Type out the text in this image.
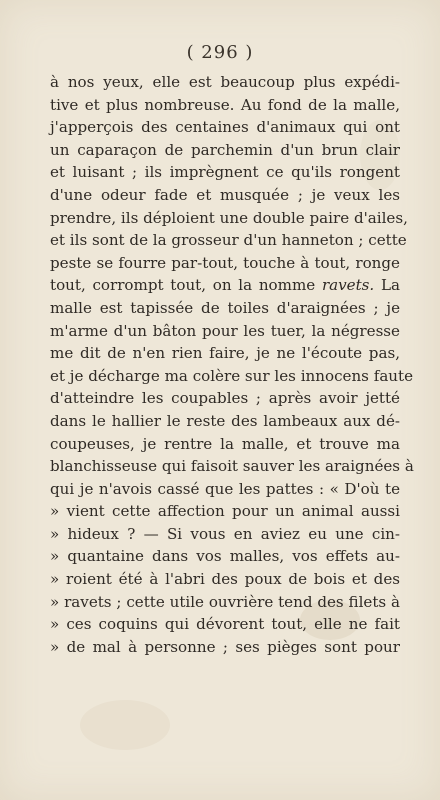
( 296 )
à nos yeux, elle est beaucoup plus expédi-
tive et plus nombreuse. Au fond de la malle,
j'apperçois des centaines d'animaux qui ont
un caparaçon de parchemin d'un brun clair
et luisant ; ils imprègnent ce qu'ils rongent
d'une odeur fade et musquée ; je veux les
prendre, ils déploient une double paire d'ailes,
et ils sont de la grosseur d'un hanneton ; cette
peste se fourre par-tout, touche à tout, ronge
tout, corrompt tout, on la nomme ravets. La
malle est tapissée de toiles d'araignées ; je
m'arme d'un bâton pour les tuer, la négresse
me dit de n'en rien faire, je ne l'écoute pas,
et je décharge ma colère sur les innocens faute
d'atteindre les coupables ; après avoir jetté
dans le hallier le reste des lambeaux aux dé-
coupeuses, je rentre la malle, et trouve ma
blanchisseuse qui faisoit sauver les araignées à
qui je n'avois cassé que les pattes : « D'où te
» vient cette affection pour un animal aussi
» hideux ? — Si vous en aviez eu une cin-
» quantaine dans vos malles, vos effets au-
» roient été à l'abri des poux de bois et des
» ravets ; cette utile ouvrière tend des filets à
» ces coquins qui dévorent tout, elle ne fait
» de mal à personne ; ses pièges sont pour
